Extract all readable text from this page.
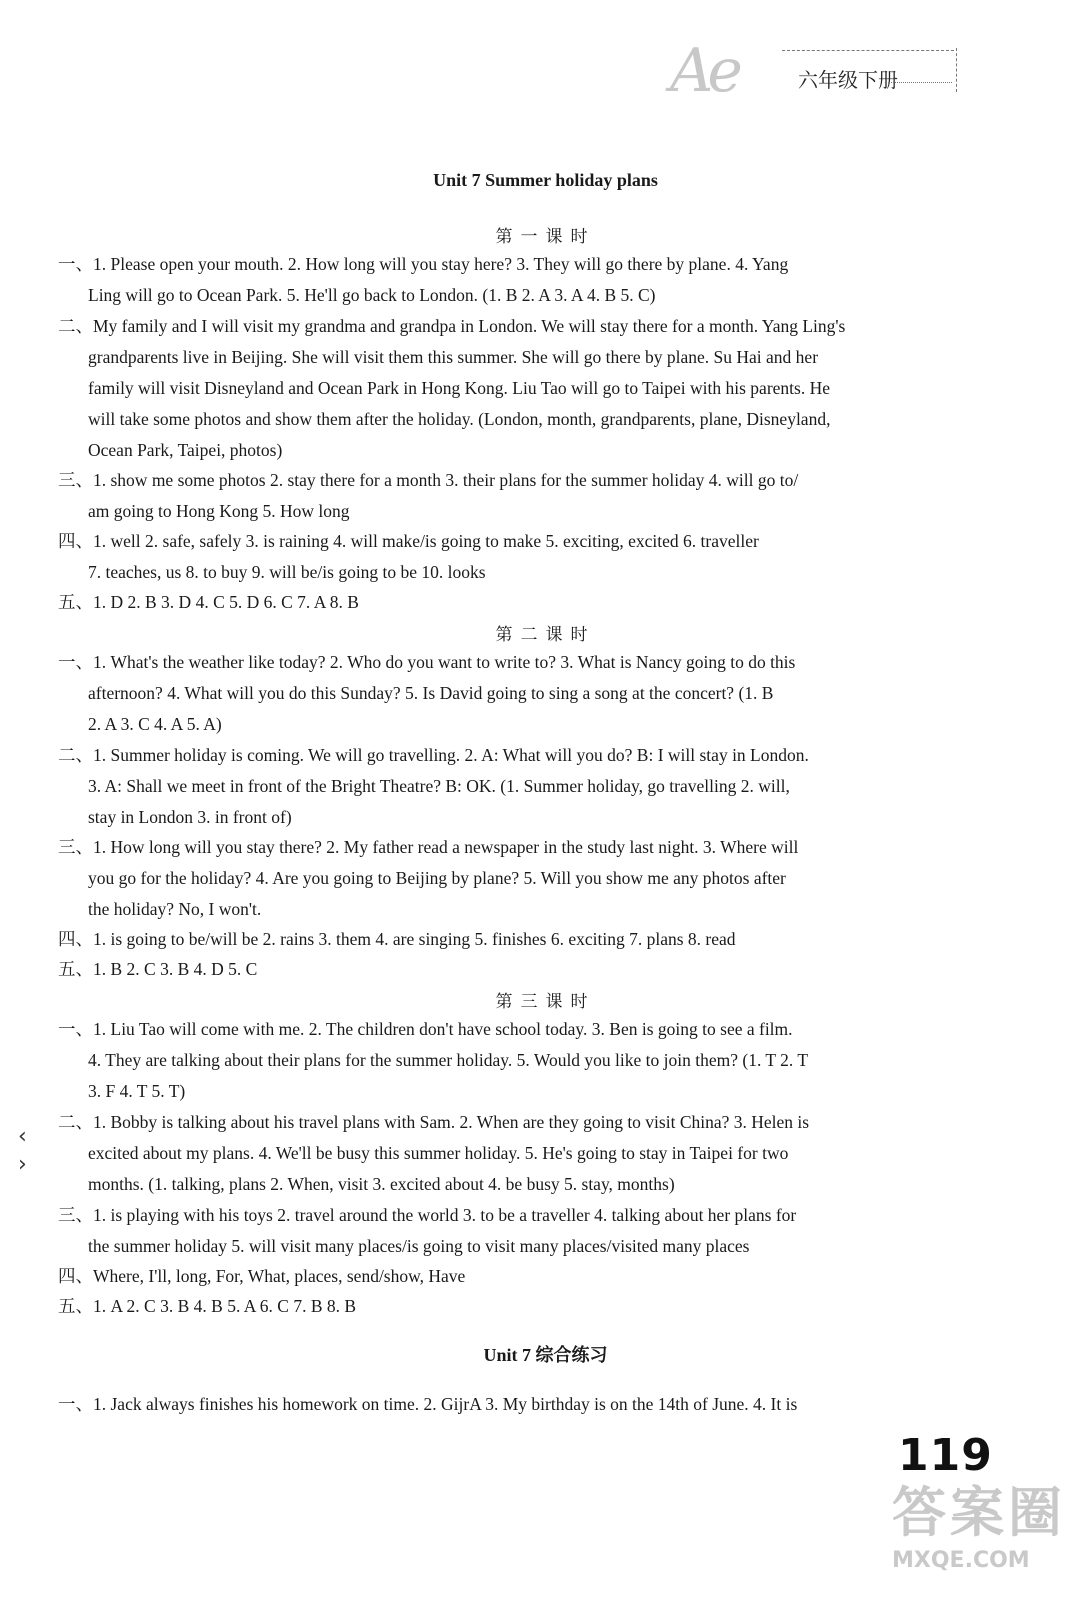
Ae	六年级下册
Unit 7 Summer holiday plans
第一课时
一、1. Please open your mouth. 2. How long will you stay here? 3. They will go there by plane. 4. Yang
Ling will go to Ocean Park. 5. He'll go back to London. (1. B 2. A 3. A 4. B 5. C)
二、My family and I will visit my grandma and grandpa in London. We will stay there for a month. Yang Ling's
grandparents live in Beijing. She will visit them this summer. She will go there by plane. Su Hai and her
family will visit Disneyland and Ocean Park in Hong Kong. Liu Tao will go to Taipei with his parents. He
will take some photos and show them after the holiday. (London, month, grandparents, plane, Disneyland,
Ocean Park, Taipei, photos)
三、1. show me some photos 2. stay there for a month 3. their plans for the summer holiday 4. will go to/
am going to Hong Kong 5. How long
四、1. well 2. safe, safely 3. is raining 4. will make/is going to make 5. exciting, excited 6. traveller
7. teaches, us 8. to buy 9. will be/is going to be 10. looks
五、1. D 2. B 3. D 4. C 5. D 6. C 7. A 8. B
第二课时
一、1. What's the weather like today? 2. Who do you want to write to? 3. What is Nancy going to do this
afternoon? 4. What will you do this Sunday? 5. Is David going to sing a song at the concert? (1. B
2. A 3. C 4. A 5. A)
二、1. Summer holiday is coming. We will go travelling. 2. A: What will you do? B: I will stay in London.
3. A: Shall we meet in front of the Bright Theatre? B: OK. (1. Summer holiday, go travelling 2. will,
stay in London 3. in front of)
三、1. How long will you stay there? 2. My father read a newspaper in the study last night. 3. Where will
you go for the holiday? 4. Are you going to Beijing by plane? 5. Will you show me any photos after
the holiday? No, I won't.
四、1. is going to be/will be 2. rains 3. them 4. are singing 5. finishes 6. exciting 7. plans 8. read
五、1. B 2. C 3. B 4. D 5. C
第三课时
一、1. Liu Tao will come with me. 2. The children don't have school today. 3. Ben is going to see a film.
4. They are talking about their plans for the summer holiday. 5. Would you like to join them? (1. T 2. T
3. F 4. T 5. T)
二、1. Bobby is talking about his travel plans with Sam. 2. When are they going to visit China? 3. Helen is
excited about my plans. 4. We'll be busy this summer holiday. 5. He's going to stay in Taipei for two
months. (1. talking, plans 2. When, visit 3. excited about 4. be busy 5. stay, months)
三、1. is playing with his toys 2. travel around the world 3. to be a traveller 4. talking about her plans for
the summer holiday 5. will visit many places/is going to visit many places/visited many places
四、Where, I'll, long, For, What, places, send/show, Have
五、1. A 2. C 3. B 4. B 5. A 6. C 7. B 8. B
Unit 7 综合练习
一、1. Jack always finishes his homework on time. 2. GijrA 3. My birthday is on the 14th of June. 4. It is
‹
›
119
答案圈
MXQE.COM
